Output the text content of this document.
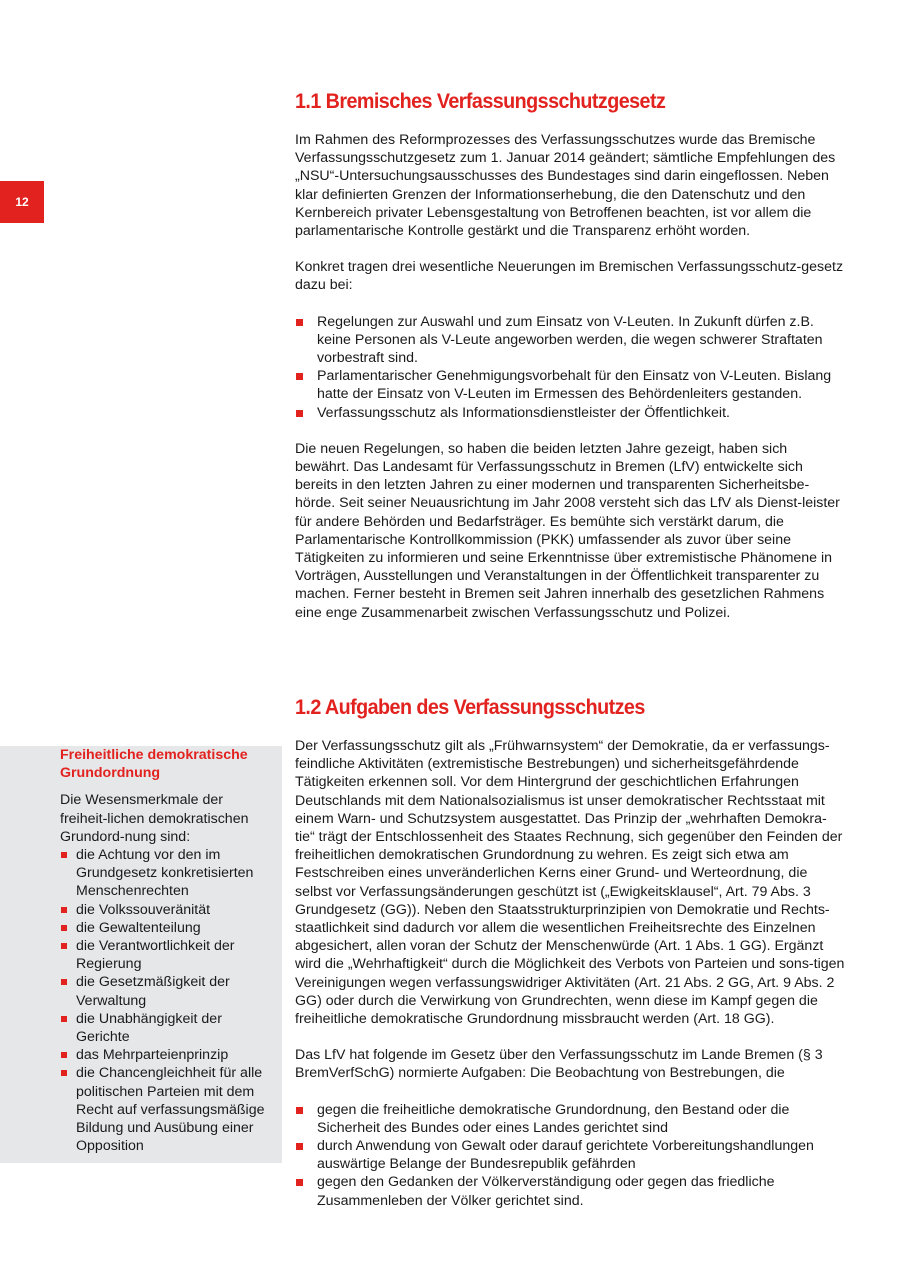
12
1.1 Bremisches Verfassungsschutzgesetz

Im Rahmen des Reformprozesses des Verfassungsschutzes wurde das Bremische Verfassungsschutzgesetz zum 1. Januar 2014 geändert; sämtliche Empfehlungen des „NSU“-Untersuchungsausschusses des Bundestages sind darin eingeflossen. Neben klar definierten Grenzen der Informationserhebung, die den Datenschutz und den Kernbereich privater Lebensgestaltung von Betroffenen beachten, ist vor allem die parlamentarische Kontrolle gestärkt und die Transparenz erhöht worden.

Konkret tragen drei wesentliche Neuerungen im Bremischen Verfassungsschutz-gesetz dazu bei:

Regelungen zur Auswahl und zum Einsatz von V-Leuten. In Zukunft dürfen z.B. keine Personen als V-Leute angeworben werden, die wegen schwerer Straftaten vorbestraft sind.
Parlamentarischer Genehmigungsvorbehalt für den Einsatz von V-Leuten. Bislang hatte der Einsatz von V-Leuten im Ermessen des Behördenleiters gestanden.
Verfassungsschutz als Informationsdienstleister der Öffentlichkeit.

Die neuen Regelungen, so haben die beiden letzten Jahre gezeigt, haben sich bewährt. Das Landesamt für Verfassungsschutz in Bremen (LfV) entwickelte sich bereits in den letzten Jahren zu einer modernen und transparenten Sicherheitsbe-hörde. Seit seiner Neuausrichtung im Jahr 2008 versteht sich das LfV als Dienst-leister für andere Behörden und Bedarfsträger. Es bemühte sich verstärkt darum, die Parlamentarische Kontrollkommission (PKK) umfassender als zuvor über seine Tätigkeiten zu informieren und seine Erkenntnisse über extremistische Phänomene in Vorträgen, Ausstellungen und Veranstaltungen in der Öffentlichkeit transparenter zu machen. Ferner besteht in Bremen seit Jahren innerhalb des gesetzlichen Rahmens eine enge Zusammenarbeit zwischen Verfassungsschutz und Polizei.

1.2 Aufgaben des Verfassungsschutzes

Der Verfassungsschutz gilt als „Frühwarnsystem“ der Demokratie, da er verfassungs-feindliche Aktivitäten (extremistische Bestrebungen) und sicherheitsgefährdende Tätigkeiten erkennen soll. Vor dem Hintergrund der geschichtlichen Erfahrungen Deutschlands mit dem Nationalsozialismus ist unser demokratischer Rechtsstaat mit einem Warn- und Schutzsystem ausgestattet. Das Prinzip der „wehrhaften Demokra-tie“ trägt der Entschlossenheit des Staates Rechnung, sich gegenüber den Feinden der freiheitlichen demokratischen Grundordnung zu wehren. Es zeigt sich etwa am Festschreiben eines unveränderlichen Kerns einer Grund- und Werteordnung, die selbst vor Verfassungsänderungen geschützt ist („Ewigkeitsklausel“, Art. 79 Abs. 3 Grundgesetz (GG)). Neben den Staatsstrukturprinzipien von Demokratie und Rechts-staatlichkeit sind dadurch vor allem die wesentlichen Freiheitsrechte des Einzelnen abgesichert, allen voran der Schutz der Menschenwürde (Art. 1 Abs. 1 GG). Ergänzt wird die „Wehrhaftigkeit“ durch die Möglichkeit des Verbots von Parteien und sons-tigen Vereinigungen wegen verfassungswidriger Aktivitäten (Art. 21 Abs. 2 GG, Art. 9 Abs. 2 GG) oder durch die Verwirkung von Grundrechten, wenn diese im Kampf gegen die freiheitliche demokratische Grundordnung missbraucht werden (Art. 18 GG).

Das LfV hat folgende im Gesetz über den Verfassungsschutz im Lande Bremen (§ 3 BremVerfSchG) normierte Aufgaben: Die Beobachtung von Bestrebungen, die

gegen die freiheitliche demokratische Grundordnung, den Bestand oder die Sicherheit des Bundes oder eines Landes gerichtet sind
durch Anwendung von Gewalt oder darauf gerichtete Vorbereitungshandlungen auswärtige Belange der Bundesrepublik gefährden
gegen den Gedanken der Völkerverständigung oder gegen das friedliche Zusammenleben der Völker gerichtet sind.
Freiheitliche demokratische Grundordnung

Die Wesensmerkmale der freiheit-lichen demokratischen Grundord-nung sind:

die Achtung vor den im Grundgesetz konkretisierten Menschenrechten
die Volkssouveränität
die Gewaltenteilung
die Verantwortlichkeit der Regierung
die Gesetzmäßigkeit der Verwaltung
die Unabhängigkeit der Gerichte
das Mehrparteienprinzip
die Chancengleichheit für alle politischen Parteien mit dem Recht auf verfassungsmäßige Bildung und Ausübung einer Opposition
